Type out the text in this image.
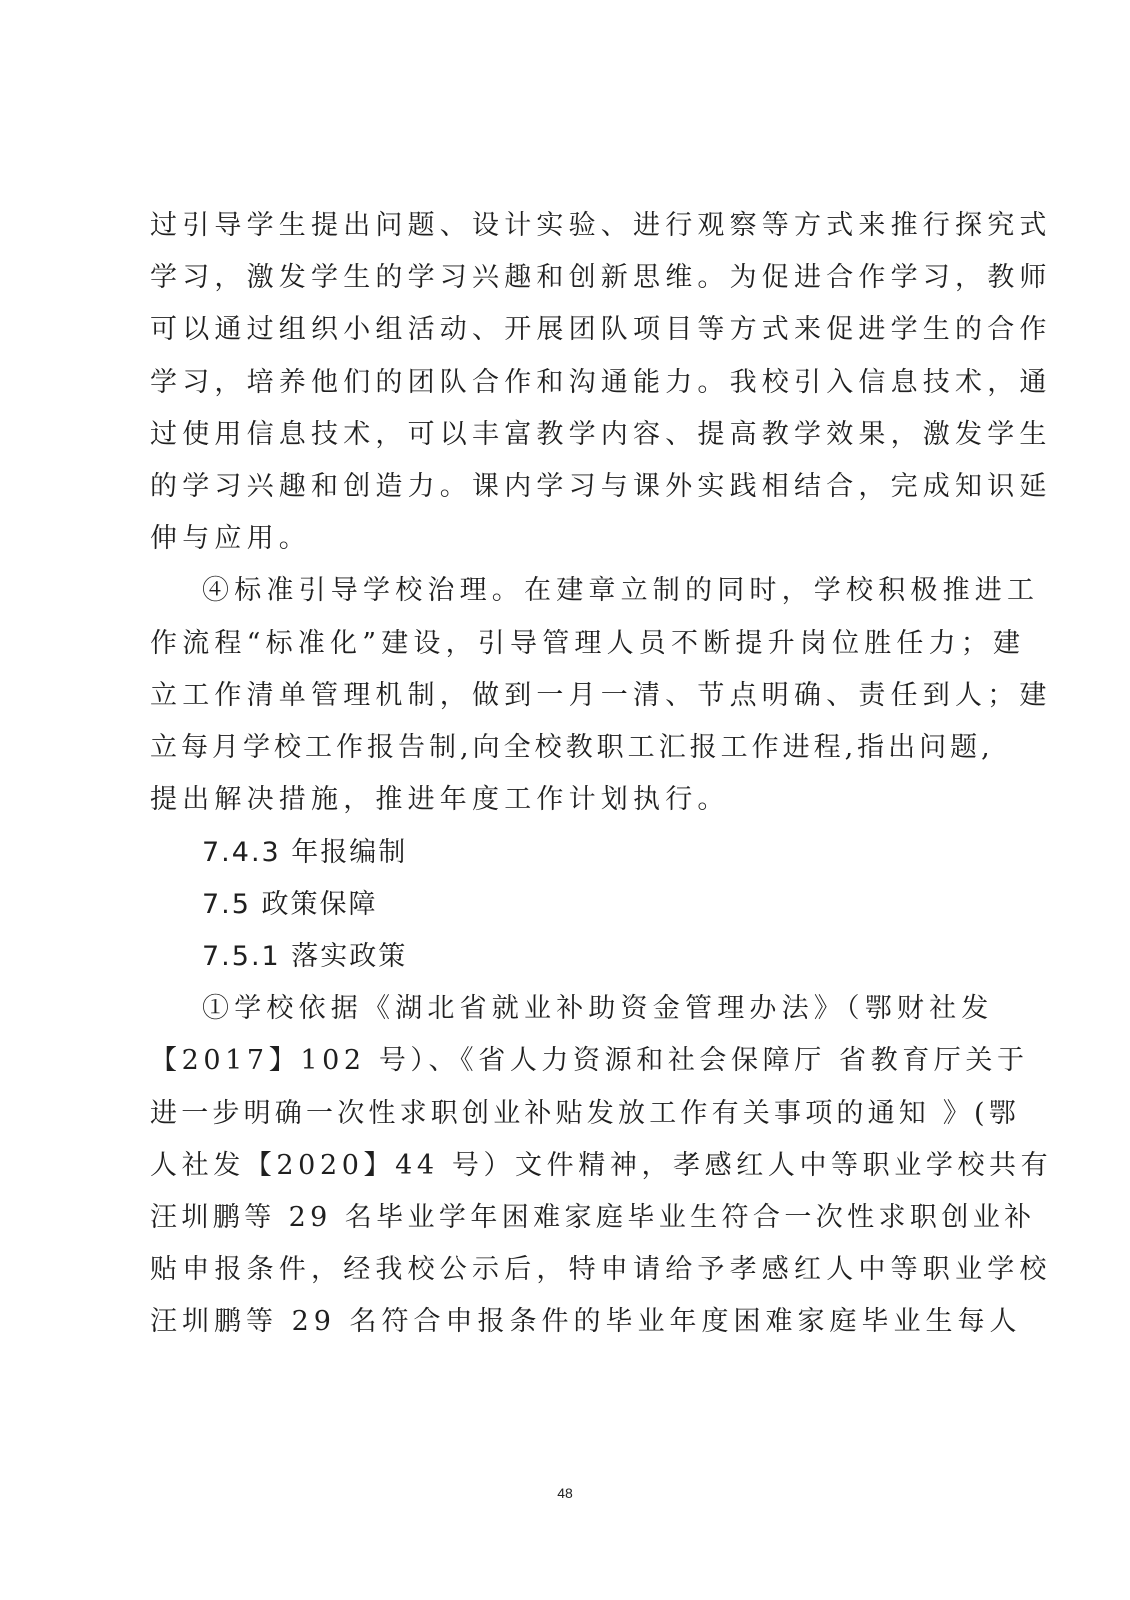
过引导学生提出问题、设计实验、进行观察等方式来推行探究式
学习，激发学生的学习兴趣和创新思维。为促进合作学习，教师
可以通过组织小组活动、开展团队项目等方式来促进学生的合作
学习，培养他们的团队合作和沟通能力。我校引入信息技术，通
过使用信息技术，可以丰富教学内容、提高教学效果，激发学生
的学习兴趣和创造力。课内学习与课外实践相结合，完成知识延
伸与应用。
④标准引导学校治理。在建章立制的同时，学校积极推进工
作流程“标准化”建设，引导管理人员不断提升岗位胜任力；建
立工作清单管理机制，做到一月一清、节点明确、责任到人；建
立每月学校工作报告制,向全校教职工汇报工作进程,指出问题,
提出解决措施，推进年度工作计划执行。
7.4.3 年报编制
7.5 政策保障
7.5.1 落实政策
①学校依据《湖北省就业补助资金管理办法》（鄂财社发
【2017】102 号）、《省人力资源和社会保障厅 省教育厅关于
进一步明确一次性求职创业补贴发放工作有关事项的通知 》(鄂
人社发【2020】44 号）文件精神，孝感红人中等职业学校共有
汪圳鹏等 29 名毕业学年困难家庭毕业生符合一次性求职创业补
贴申报条件，经我校公示后，特申请给予孝感红人中等职业学校
汪圳鹏等 29 名符合申报条件的毕业年度困难家庭毕业生每人
48
